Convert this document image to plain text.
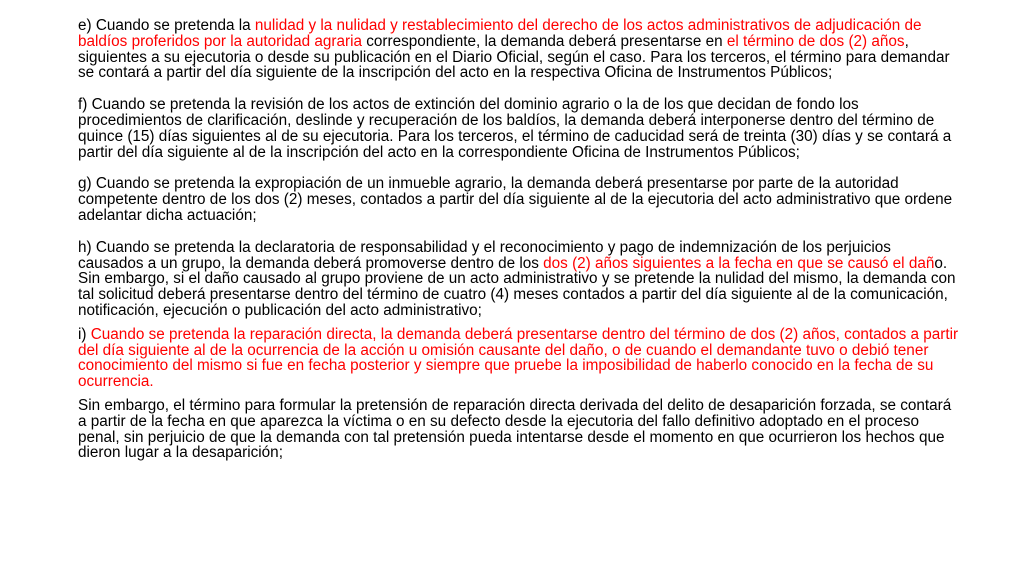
e) Cuando se pretenda la nulidad y la nulidad y restablecimiento del derecho de los actos administrativos de adjudicación de baldíos proferidos por la autoridad agraria correspondiente, la demanda deberá presentarse en el término de dos (2) años, siguientes a su ejecutoria o desde su publicación en el Diario Oficial, según el caso. Para los terceros, el término para demandar se contará a partir del día siguiente de la inscripción del acto en la respectiva Oficina de Instrumentos Públicos;

f) Cuando se pretenda la revisión de los actos de extinción del dominio agrario o la de los que decidan de fondo los procedimientos de clarificación, deslinde y recuperación de los baldíos, la demanda deberá interponerse dentro del término de quince (15) días siguientes al de su ejecutoria. Para los terceros, el término de caducidad será de treinta (30) días y se contará a partir del día siguiente al de la inscripción del acto en la correspondiente Oficina de Instrumentos Públicos;

g) Cuando se pretenda la expropiación de un inmueble agrario, la demanda deberá presentarse por parte de la autoridad competente dentro de los dos (2) meses, contados a partir del día siguiente al de la ejecutoria del acto administrativo que ordene adelantar dicha actuación;

h) Cuando se pretenda la declaratoria de responsabilidad y el reconocimiento y pago de indemnización de los perjuicios causados a un grupo, la demanda deberá promoverse dentro de los dos (2) años siguientes a la fecha en que se causó el daño. Sin embargo, si el daño causado al grupo proviene de un acto administrativo y se pretende la nulidad del mismo, la demanda con tal solicitud deberá presentarse dentro del término de cuatro (4) meses contados a partir del día siguiente al de la comunicación, notificación, ejecución o publicación del acto administrativo;

i) Cuando se pretenda la reparación directa, la demanda deberá presentarse dentro del término de dos (2) años, contados a partir del día siguiente al de la ocurrencia de la acción u omisión causante del daño, o de cuando el demandante tuvo o debió tener conocimiento del mismo si fue en fecha posterior y siempre que pruebe la imposibilidad de haberlo conocido en la fecha de su ocurrencia.

Sin embargo, el término para formular la pretensión de reparación directa derivada del delito de desaparición forzada, se contará a partir de la fecha en que aparezca la víctima o en su defecto desde la ejecutoria del fallo definitivo adoptado en el proceso penal, sin perjuicio de que la demanda con tal pretensión pueda intentarse desde el momento en que ocurrieron los hechos que dieron lugar a la desaparición;
